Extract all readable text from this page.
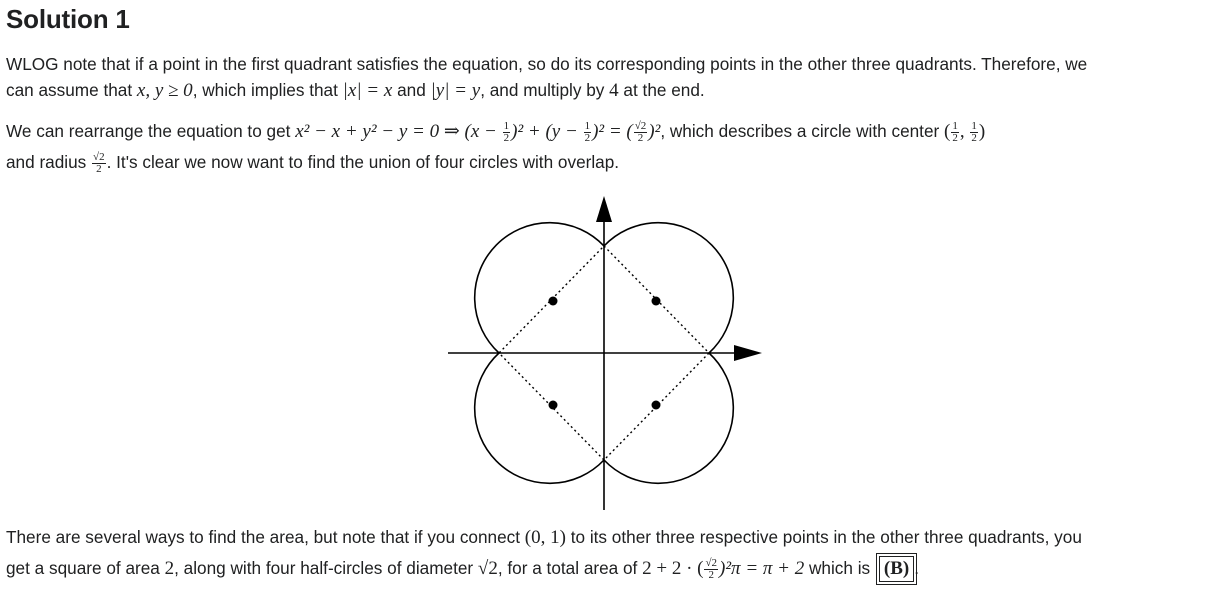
Solution 1
WLOG note that if a point in the first quadrant satisfies the equation, so do its corresponding points in the other three quadrants. Therefore, we
can assume that x, y ≥ 0, which implies that |x| = x and |y| = y, and multiply by 4 at the end.
We can rearrange the equation to get x² − x + y² − y = 0 ⇒ $(x - \frac{1}{2} )^2 + (y - \frac{1}{2} )^2$ = ( $\frac{√2}{2} )^2$, which describes a circle with center ( $\frac{1}{2}$ , $\frac{1}{2}$ )
and radius $\frac{√2}{2}$ . It's clear we now want to find the union of four circles with overlap.
There are several ways to find the area, but note that if you connect (0, 1) to its other three respective points in the other three quadrants, you
get a square of area 2, along with four half-circles of diameter √2, for a total area of 2 + 2 · ( $\frac{√2}{2} )^2\pi = \pi + 2$ which is (B) .
